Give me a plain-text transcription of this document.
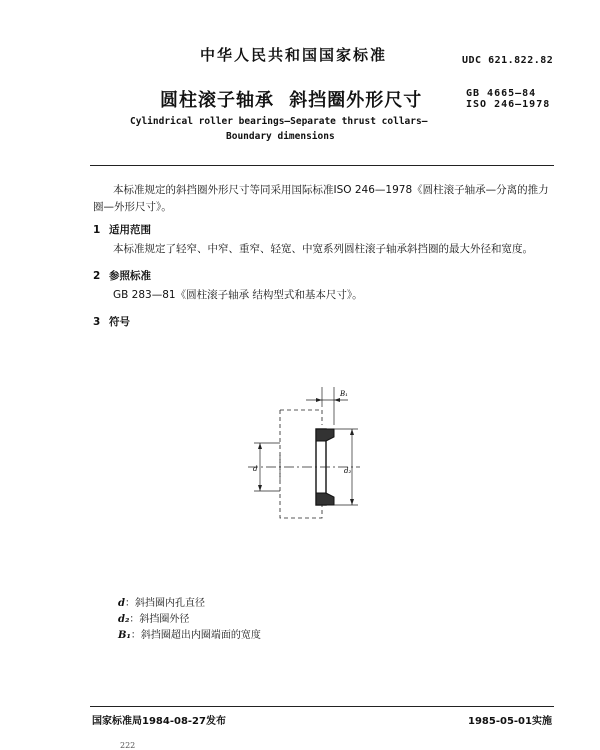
中华人民共和国国家标准	UDC 621.822.82
圆柱滚子轴承 斜挡圈外形尺寸	GB 4665—84
ISO 246—1978
Cylindrical roller bearings—Separate thrust collars—
Boundary dimensions
本标准规定的斜挡圈外形尺寸等同采用国际标准ISO 246—1978《圆柱滚子轴承—分离的推力
圈—外形尺寸》。
1 适用范围
本标准规定了轻窄、中窄、重窄、轻宽、中宽系列圆柱滚子轴承斜挡圈的最大外径和宽度。
2 参照标准
GB 283—81《圆柱滚子轴承 结构型式和基本尺寸》。
3 符号
B₁
d	d₂
d：斜挡圈内孔直径
d₂：斜挡圈外径
B₁：斜挡圈超出内圈端面的宽度
国家标准局1984-08-27发布	1985-05-01实施
222
